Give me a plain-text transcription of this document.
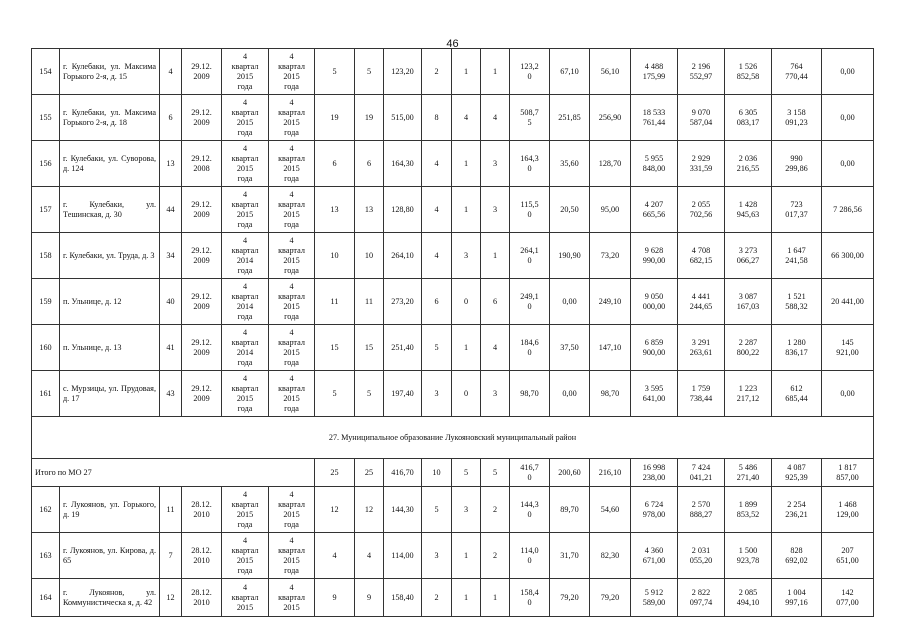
46
154	г. Кулебаки, ул. Максима Горького 2-я, д. 15	4	29.12.
2009	4
квартал
2015
года	4
квартал
2015
года	5	5	123,20	2	1	1	123,2
0	67,10	56,10	4 488
175,99	2 196
552,97	1 526
852,58	764
770,44	0,00

155	г. Кулебаки, ул. Максима Горького 2-я, д. 18	6	29.12.
2009	4
квартал
2015
года	4
квартал
2015
года	19	19	515,00	8	4	4	508,7
5	251,85	256,90	18 533
761,44	9 070
587,04	6 305
083,17	3 158
091,23	0,00

156	г. Кулебаки, ул. Суворова, д. 124	13	29.12.
2008	4
квартал
2015
года	4
квартал
2015
года	6	6	164,30	4	1	3	164,3
0	35,60	128,70	5 955
848,00	2 929
331,59	2 036
216,55	990
299,86	0,00

157	г. Кулебаки, ул. Тешинская, д. 30	44	29.12.
2009	4
квартал
2015
года	4
квартал
2015
года	13	13	128,80	4	1	3	115,5
0	20,50	95,00	4 207
665,56	2 055
702,56	1 428
945,63	723
017,37	7 286,56

158	г. Кулебаки, ул. Труда, д. 3	34	29.12.
2009	4
квартал
2014
года	4
квартал
2015
года	10	10	264,10	4	3	1	264,1
0	190,90	73,20	9 628
990,00	4 708
682,15	3 273
066,27	1 647
241,58	66 300,00

159	п. Ульнице, д. 12	40	29.12.
2009	4
квартал
2014
года	4
квартал
2015
года	11	11	273,20	6	0	6	249,1
0	0,00	249,10	9 050
000,00	4 441
244,65	3 087
167,03	1 521
588,32	20 441,00

160	п. Ульнице, д. 13	41	29.12.
2009	4
квартал
2014
года	4
квартал
2015
года	15	15	251,40	5	1	4	184,6
0	37,50	147,10	6 859
900,00	3 291
263,61	2 287
800,22	1 280
836,17	145
921,00

161	с. Мурзицы, ул. Прудовая, д. 17	43	29.12.
2009	4
квартал
2015
года	4
квартал
2015
года	5	5	197,40	3	0	3	98,70	0,00	98,70	3 595
641,00	1 759
738,44	1 223
217,12	612
685,44	0,00

27. Муниципальное образование Лукояновский муниципальный район																			
Итого по МО 27						25	25	416,70	10	5	5	416,7
0	200,60	216,10	16 998
238,00	7 424
041,21	5 486
271,40	4 087
925,39	1 817
857,00

162	г. Лукоянов, ул. Горького, д. 19	11	28.12.
2010	4
квартал
2015
года	4
квартал
2015
года	12	12	144,30	5	3	2	144,3
0	89,70	54,60	6 724
978,00	2 570
888,27	1 899
853,52	2 254
236,21	1 468
129,00

163	г. Лукоянов, ул. Кирова, д. 65	7	28.12.
2010	4
квартал
2015
года	4
квартал
2015
года	4	4	114,00	3	1	2	114,0
0	31,70	82,30	4 360
671,00	2 031
055,20	1 500
923,78	828
692,02	207
651,00

164	г. Лукоянов, ул. Коммунистическа я, д. 42	12	28.12.
2010	4
квартал
2015	4
квартал
2015	9	9	158,40	2	1	1	158,4
0	79,20	79,20	5 912
589,00	2 822
097,74	2 085
494,10	1 004
997,16	142
077,00
